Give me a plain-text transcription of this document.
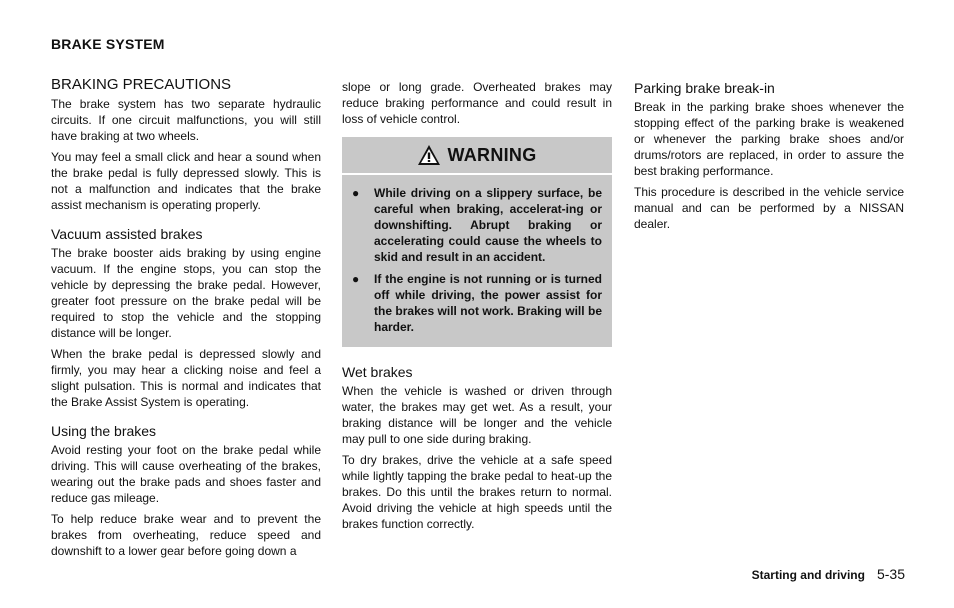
BRAKE SYSTEM
BRAKING PRECAUTIONS

The brake system has two separate hydraulic circuits. If one circuit malfunctions, you will still have braking at two wheels.

You may feel a small click and hear a sound when the brake pedal is fully depressed slowly. This is not a malfunction and indicates that the brake assist mechanism is operating properly.

Vacuum assisted brakes

The brake booster aids braking by using engine vacuum. If the engine stops, you can stop the vehicle by depressing the brake pedal. However, greater foot pressure on the brake pedal will be required to stop the vehicle and the stopping distance will be longer.

When the brake pedal is depressed slowly and firmly, you may hear a clicking noise and feel a slight pulsation. This is normal and indicates that the Brake Assist System is operating.

Using the brakes

Avoid resting your foot on the brake pedal while driving. This will cause overheating of the brakes, wearing out the brake pads and shoes faster and reduce gas mileage.

To help reduce brake wear and to prevent the brakes from overheating, reduce speed and downshift to a lower gear before going down a

slope or long grade. Overheated brakes may reduce braking performance and could result in loss of vehicle control.

WARNING
●	While driving on a slippery surface, be careful when braking, accelerat-ing or downshifting. Abrupt braking or accelerating could cause the wheels to skid and result in an accident.
●	If the engine is not running or is turned off while driving, the power assist for the brakes will not work. Braking will be harder.
Wet brakes

When the vehicle is washed or driven through water, the brakes may get wet. As a result, your braking distance will be longer and the vehicle may pull to one side during braking.

To dry brakes, drive the vehicle at a safe speed while lightly tapping the brake pedal to heat-up the brakes. Do this until the brakes return to normal. Avoid driving the vehicle at high speeds until the brakes function correctly.

Parking brake break-in

Break in the parking brake shoes whenever the stopping effect of the parking brake is weakened or whenever the parking brake shoes and/or drums/rotors are replaced, in order to assure the best braking performance.

This procedure is described in the vehicle service manual and can be performed by a NISSAN dealer.

Starting and driving 5-35
